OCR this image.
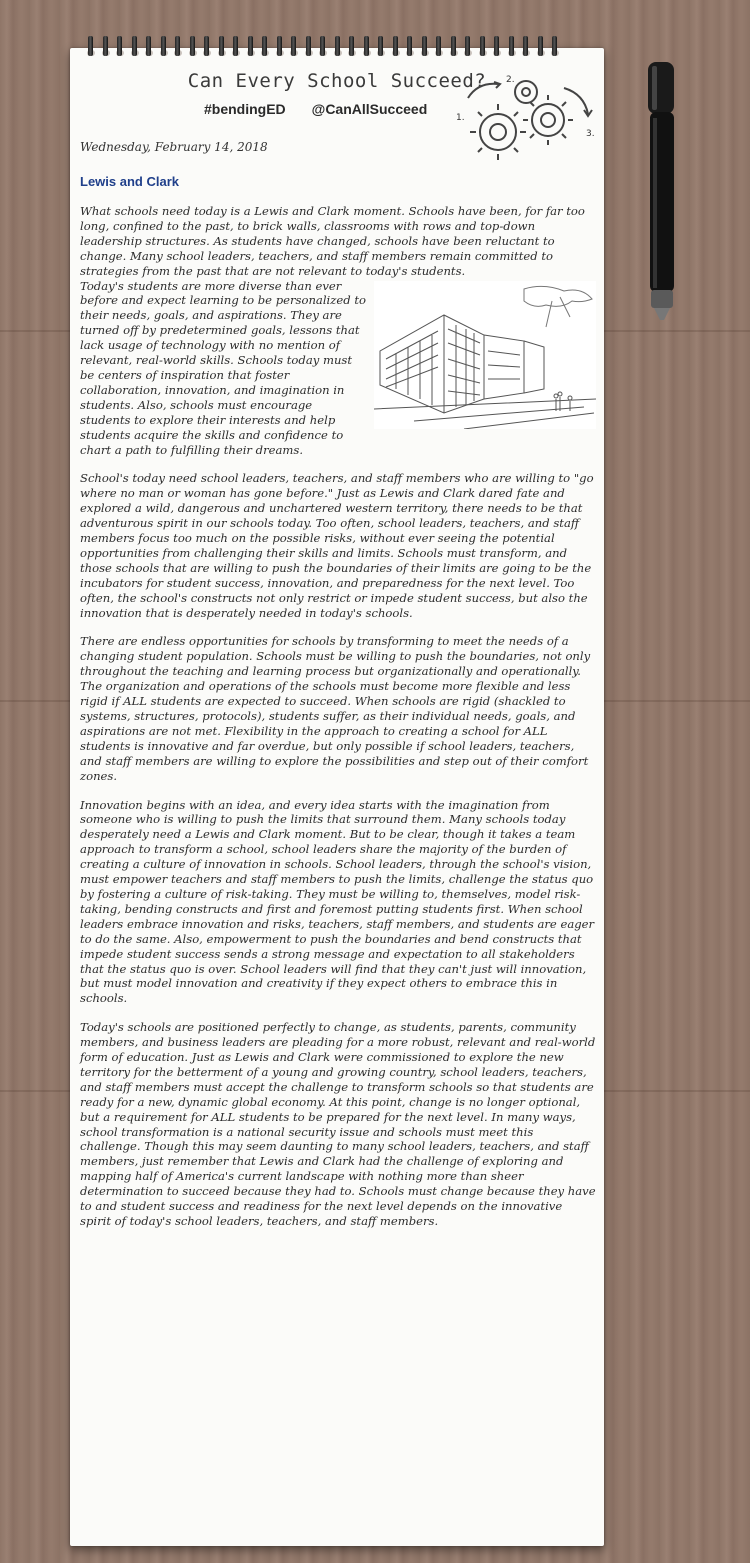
Can Every School Succeed?
#bendingED @CanAllSucceed
1.
2.
3.
Wednesday, February 14, 2018
Lewis and Clark

What schools need today is a Lewis and Clark moment. Schools have been, for far too long, confined to the past, to brick walls, classrooms with rows and top-down leadership structures. As students have changed, schools have been reluctant to change. Many school leaders, teachers, and staff members remain committed to strategies from the past that are not relevant to today's students.

Today's students are more diverse than ever before and expect learning to be personalized to their needs, goals, and aspirations. They are turned off by predetermined goals, lessons that lack usage of technology with no mention of relevant, real-world skills. Schools today must be centers of inspiration that foster collaboration, innovation, and imagination in students. Also, schools must encourage students to explore their interests and help students acquire the skills and confidence to chart a path to fulfilling their dreams.

School's today need school leaders, teachers, and staff members who are willing to "go where no man or woman has gone before." Just as Lewis and Clark dared fate and explored a wild, dangerous and unchartered western territory, there needs to be that adventurous spirit in our schools today. Too often, school leaders, teachers, and staff members focus too much on the possible risks, without ever seeing the potential opportunities from challenging their skills and limits. Schools must transform, and those schools that are willing to push the boundaries of their limits are going to be the incubators for student success, innovation, and preparedness for the next level. Too often, the school's constructs not only restrict or impede student success, but also the innovation that is desperately needed in today's schools.

There are endless opportunities for schools by transforming to meet the needs of a changing student population. Schools must be willing to push the boundaries, not only throughout the teaching and learning process but organizationally and operationally. The organization and operations of the schools must become more flexible and less rigid if ALL students are expected to succeed. When schools are rigid (shackled to systems, structures, protocols), students suffer, as their individual needs, goals, and aspirations are not met. Flexibility in the approach to creating a school for ALL students is innovative and far overdue, but only possible if school leaders, teachers, and staff members are willing to explore the possibilities and step out of their comfort zones.

Innovation begins with an idea, and every idea starts with the imagination from someone who is willing to push the limits that surround them. Many schools today desperately need a Lewis and Clark moment. But to be clear, though it takes a team approach to transform a school, school leaders share the majority of the burden of creating a culture of innovation in schools. School leaders, through the school's vision, must empower teachers and staff members to push the limits, challenge the status quo by fostering a culture of risk-taking. They must be willing to, themselves, model risk-taking, bending constructs and first and foremost putting students first. When school leaders embrace innovation and risks, teachers, staff members, and students are eager to do the same. Also, empowerment to push the boundaries and bend constructs that impede student success sends a strong message and expectation to all stakeholders that the status quo is over. School leaders will find that they can't just will innovation, but must model innovation and creativity if they expect others to embrace this in schools.

Today's schools are positioned perfectly to change, as students, parents, community members, and business leaders are pleading for a more robust, relevant and real-world form of education. Just as Lewis and Clark were commissioned to explore the new territory for the betterment of a young and growing country, school leaders, teachers, and staff members must accept the challenge to transform schools so that students are ready for a new, dynamic global economy. At this point, change is no longer optional, but a requirement for ALL students to be prepared for the next level. In many ways, school transformation is a national security issue and schools must meet this challenge. Though this may seem daunting to many school leaders, teachers, and staff members, just remember that Lewis and Clark had the challenge of exploring and mapping half of America's current landscape with nothing more than sheer determination to succeed because they had to. Schools must change because they have to and student success and readiness for the next level depends on the innovative spirit of today's school leaders, teachers, and staff members.
